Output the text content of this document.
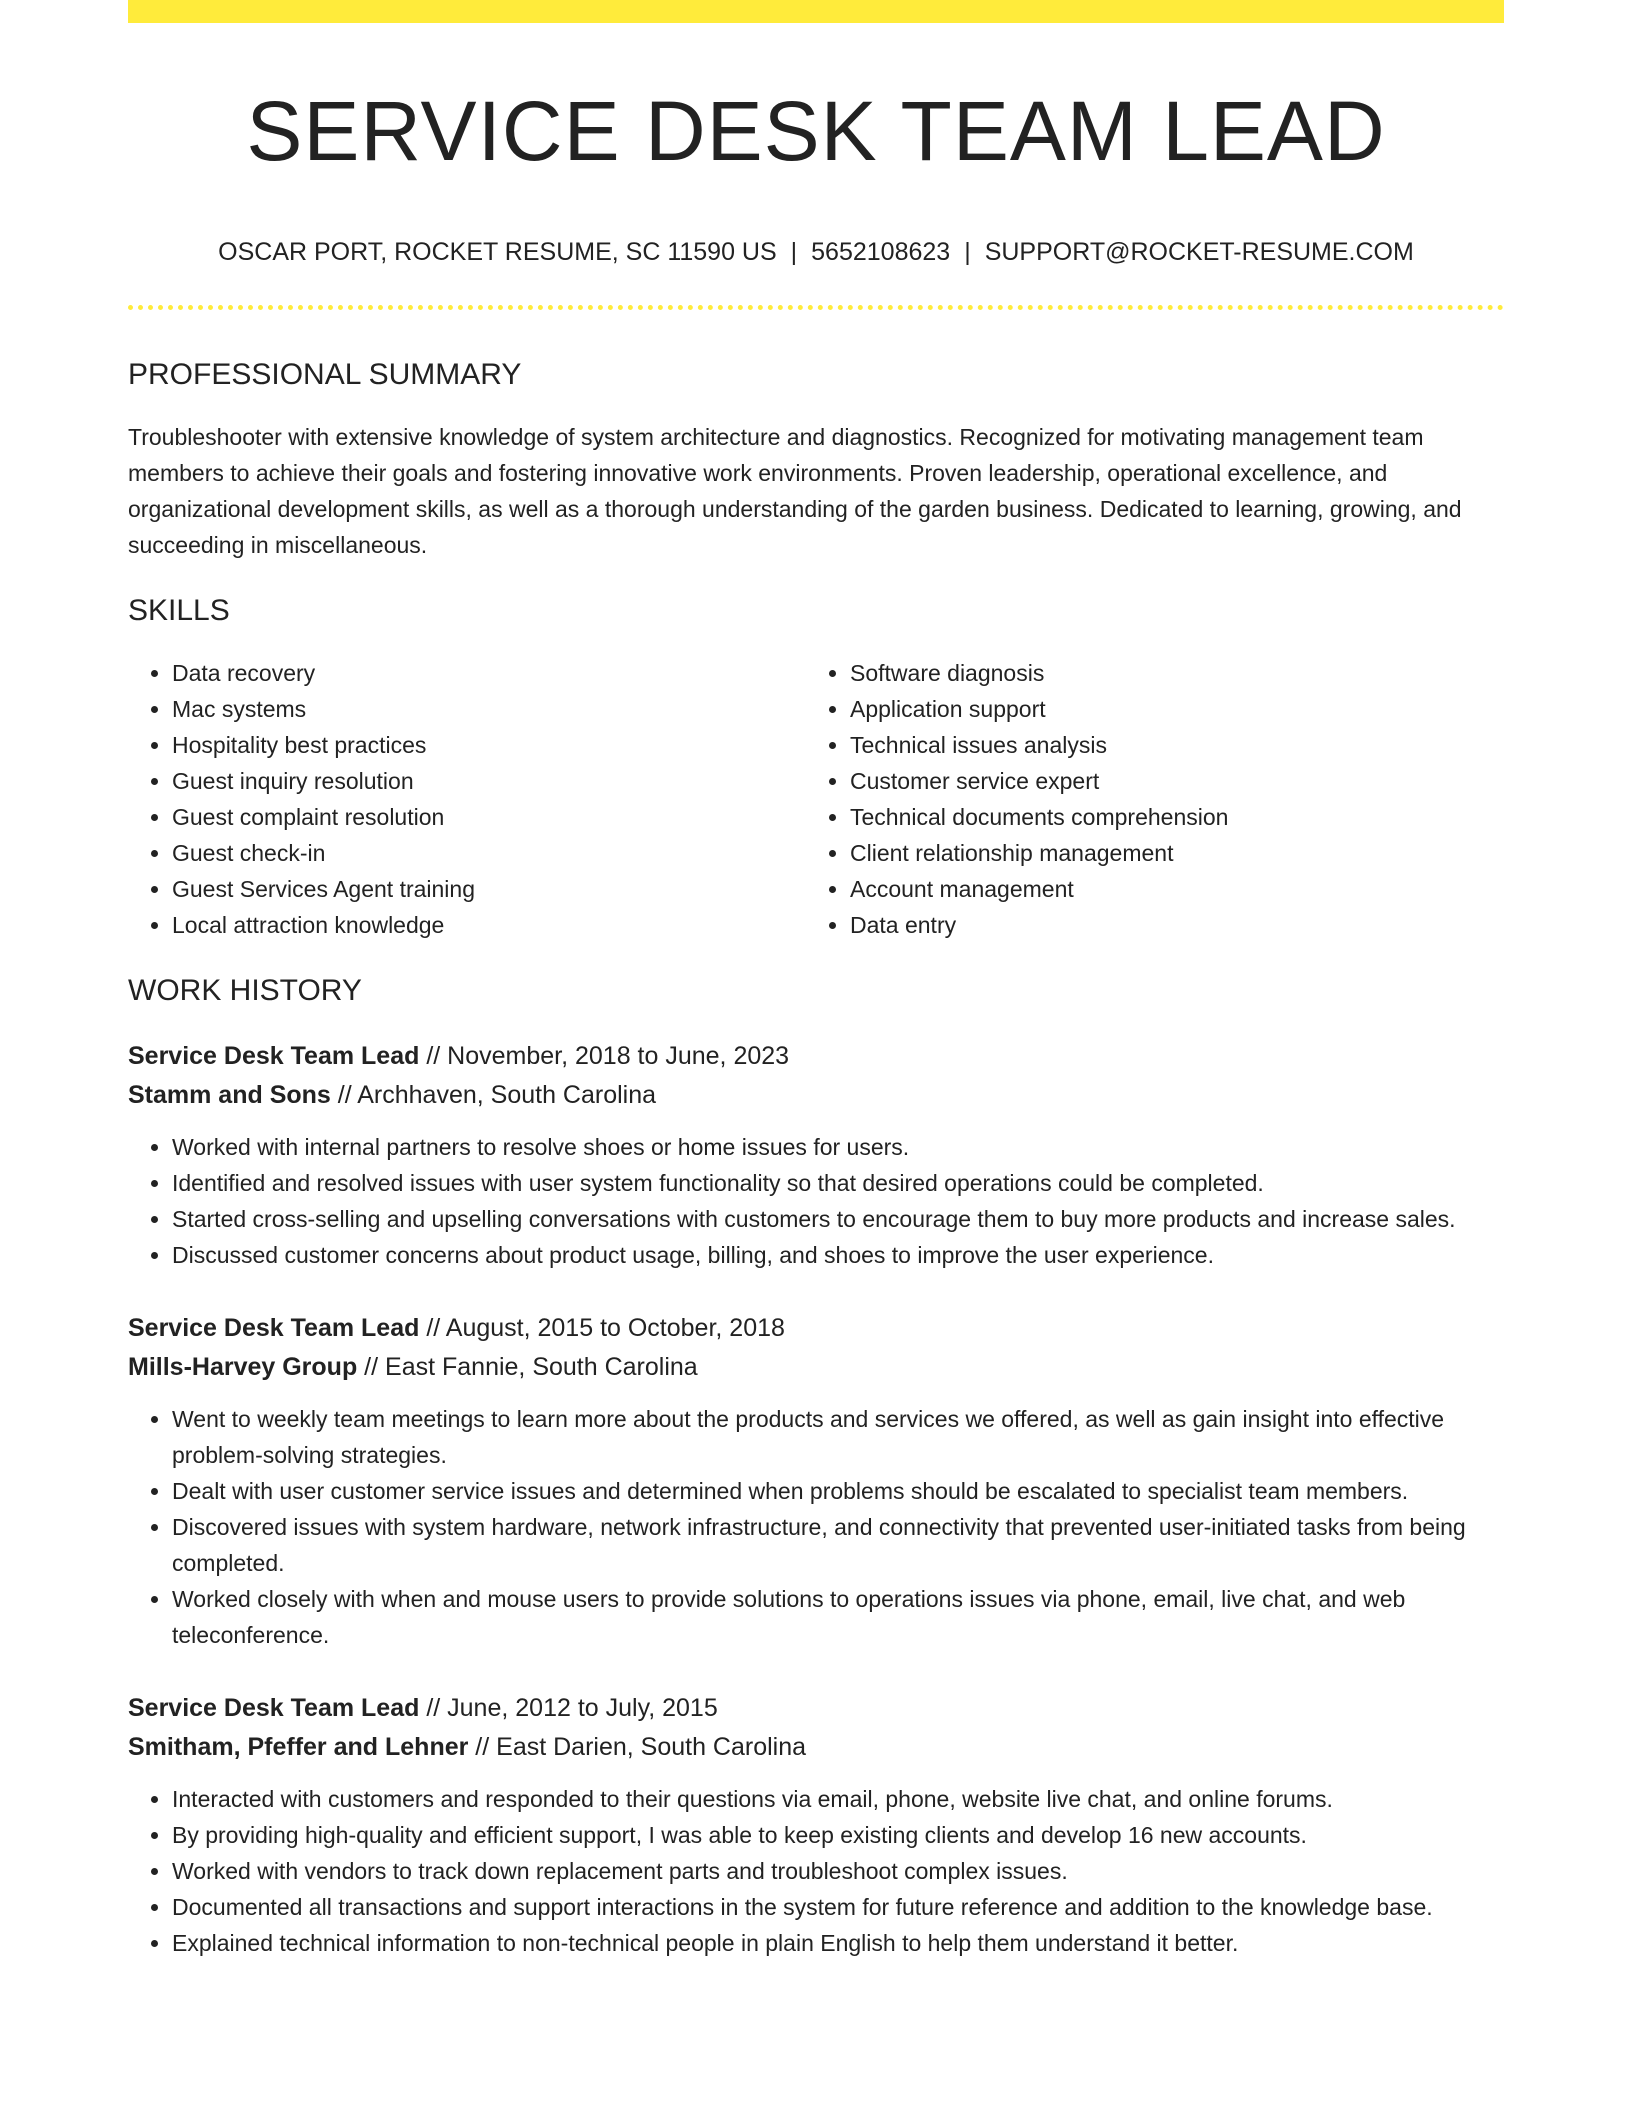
SERVICE DESK TEAM LEAD
OSCAR PORT, ROCKET RESUME, SC 11590 US | 5652108623 | SUPPORT@ROCKET-RESUME.COM
PROFESSIONAL SUMMARY

Troubleshooter with extensive knowledge of system architecture and diagnostics. Recognized for motivating management team members to achieve their goals and fostering innovative work environments. Proven leadership, operational excellence, and organizational development skills, as well as a thorough understanding of the garden business. Dedicated to learning, growing, and succeeding in miscellaneous.

SKILLS
• Data recovery
• Mac systems
• Hospitality best practices
• Guest inquiry resolution
• Guest complaint resolution
• Guest check-in
• Guest Services Agent training
• Local attraction knowledge
• Software diagnosis
• Application support
• Technical issues analysis
• Customer service expert
• Technical documents comprehension
• Client relationship management
• Account management
• Data entry
WORK HISTORY
Service Desk Team Lead // November, 2018 to June, 2023
Stamm and Sons // Archhaven, South Carolina
• Worked with internal partners to resolve shoes or home issues for users.
• Identified and resolved issues with user system functionality so that desired operations could be completed.
• Started cross-selling and upselling conversations with customers to encourage them to buy more products and increase sales.
• Discussed customer concerns about product usage, billing, and shoes to improve the user experience.
Service Desk Team Lead // August, 2015 to October, 2018
Mills-Harvey Group // East Fannie, South Carolina
• Went to weekly team meetings to learn more about the products and services we offered, as well as gain insight into effective problem-solving strategies.
• Dealt with user customer service issues and determined when problems should be escalated to specialist team members.
• Discovered issues with system hardware, network infrastructure, and connectivity that prevented user-initiated tasks from being completed.
• Worked closely with when and mouse users to provide solutions to operations issues via phone, email, live chat, and web teleconference.
Service Desk Team Lead // June, 2012 to July, 2015
Smitham, Pfeffer and Lehner // East Darien, South Carolina
• Interacted with customers and responded to their questions via email, phone, website live chat, and online forums.
• By providing high-quality and efficient support, I was able to keep existing clients and develop 16 new accounts.
• Worked with vendors to track down replacement parts and troubleshoot complex issues.
• Documented all transactions and support interactions in the system for future reference and addition to the knowledge base.
• Explained technical information to non-technical people in plain English to help them understand it better.
